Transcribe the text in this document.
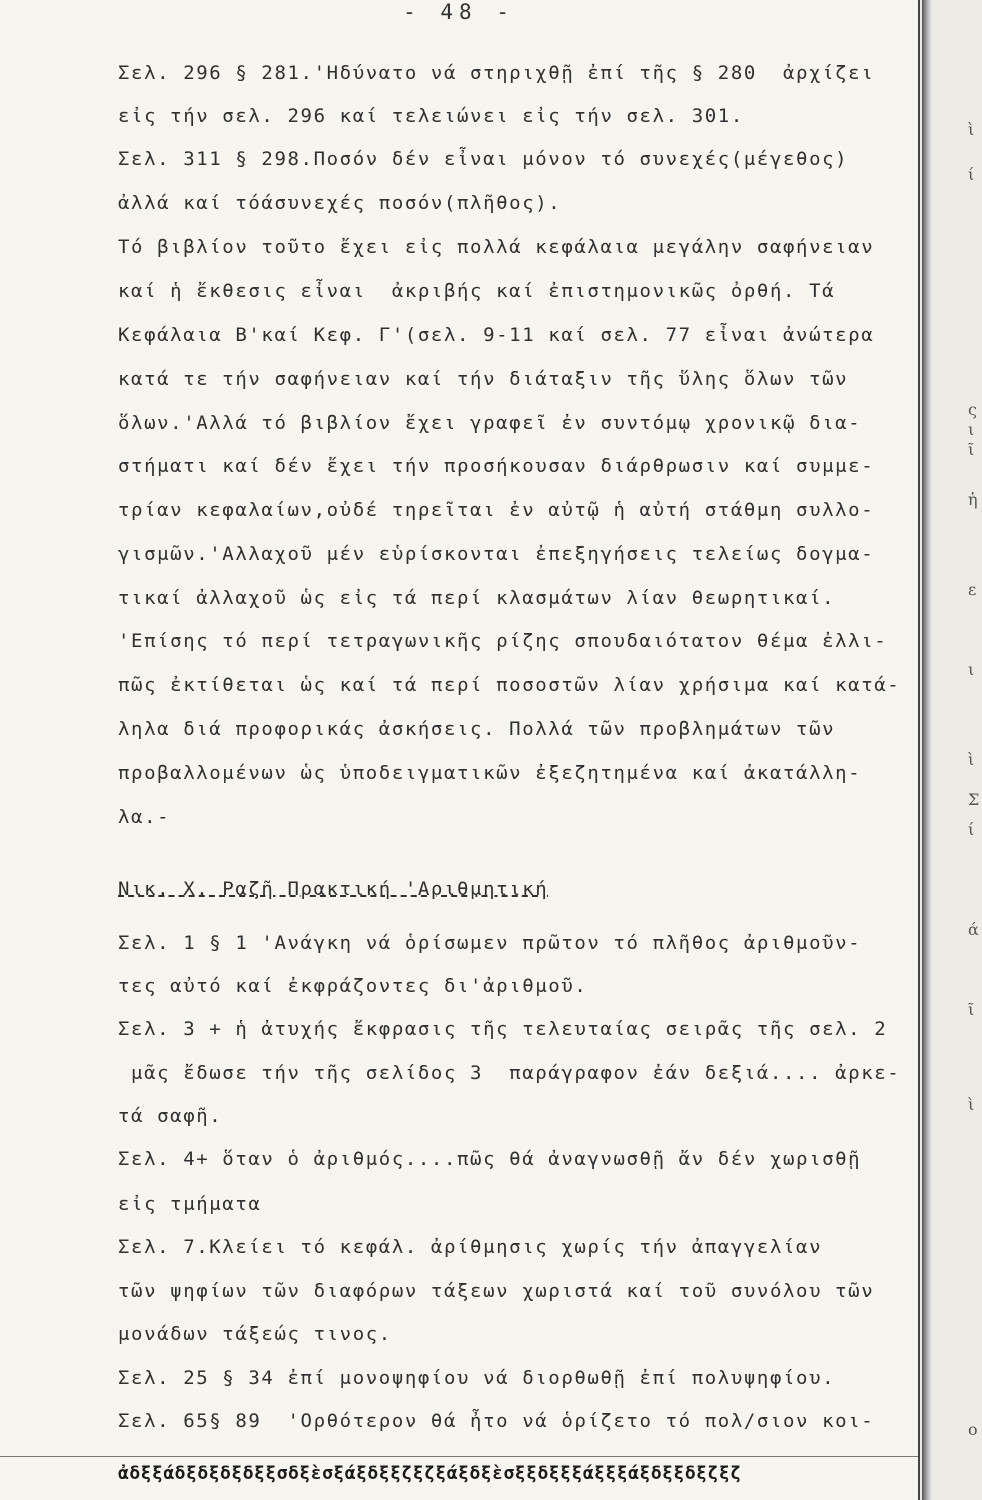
- 48 -
Σελ. 296 § 281.'Ηδύνατο νά στηριχθῇ ἐπί τῆς § 280  ἀρχίζει
εἰς τήν σελ. 296 καί τελειώνει εἰς τήν σελ. 301.
Σελ. 311 § 298.Ποσόν δέν εἶναι μόνον τό συνεχές(μέγεθος)
ἀλλά καί τόάσυνεχές ποσόν(πλῆθος).
Τό βιβλίον τοῦτο ἔχει εἰς πολλά κεφάλαια μεγάλην σαφήνειαν
καί ἡ ἔκθεσις εἶναι  ἀκριβής καί ἐπιστημονικῶς ὀρθή. Τά
Κεφάλαια Β'καί Κεφ. Γ'(σελ. 9-11 καί σελ. 77 εἶναι ἀνώτερα
κατά τε τήν σαφήνειαν καί τήν διάταξιν τῆς ὕλης ὅλων τῶν
ὅλων.'Αλλά τό βιβλίον ἔχει γραφεῖ ἐν συντόμῳ χρονικῷ δια-
στήματι καί δέν ἔχει τήν προσήκουσαν διάρθρωσιν καί συμμε-
τρίαν κεφαλαίων,οὐδέ τηρεῖται ἐν αὐτῷ ἡ αὐτή στάθμη συλλο-
γισμῶν.'Αλλαχοῦ μέν εὑρίσκονται ἐπεξηγήσεις τελείως δογμα-
τικαί ἀλλαχοῦ ὡς εἰς τά περί κλασμάτων λίαν θεωρητικαί.
'Επίσης τό περί τετραγωνικῆς ρίζης σπουδαιότατον θέμα ἐλλι-
πῶς ἐκτίθεται ὡς καί τά περί ποσοστῶν λίαν χρήσιμα καί κατά-
ληλα διά προφορικάς ἀσκήσεις. Πολλά τῶν προβλημάτων τῶν
προβαλλομένων ὡς ὑποδειγματικῶν ἐξεζητημένα καί ἀκατάλλη-
λα.-
Νικ. Χ. Ραζῆ Πρακτική 'Αριθμητική
Σελ. 1 § 1 'Ανάγκη νά ὁρίσωμεν πρῶτον τό πλῆθος ἀριθμοῦν-
τες αὐτό καί ἐκφράζοντες δι'ἀριθμοῦ.
Σελ. 3 + ἡ ἀτυχής ἔκφρασις τῆς τελευταίας σειρᾶς τῆς σελ. 2
μᾶς ἔδωσε τήν τῆς σελίδος 3  παράγραφον ἐάν δεξιά.... ἀρκε-
τά σαφῆ.
Σελ. 4+ ὅταν ὁ ἀριθμός....πῶς θά ἀναγνωσθῇ ἄν δέν χωρισθῇ
εἰς τμήματα
Σελ. 7.Κλείει τό κεφάλ. ἀρίθμησις χωρίς τήν ἀπαγγελίαν
τῶν ψηφίων τῶν διαφόρων τάξεων χωριστά καί τοῦ συνόλου τῶν
μονάδων τάξεώς τινος.
Σελ. 25 § 34 ἐπί μονοψηφίου νά διορθωθῇ ἐπί πολυψηφίου.
Σελ. 65§ 89  'Ορθότερον θά ἦτο νά ὁρίζετο τό πολ/σιον κοι-
ἀδξξάδξδξδξδξξσδξὲσξάξδξξζξζξάξδξὲσξξδξξξάξξξάξδξξδξζξζ
ὶ
ί
ς
ι
ῖ
ἡ
ε
ι
ὶ
Σ
ί
ά
ῖ
ὶ
ο
